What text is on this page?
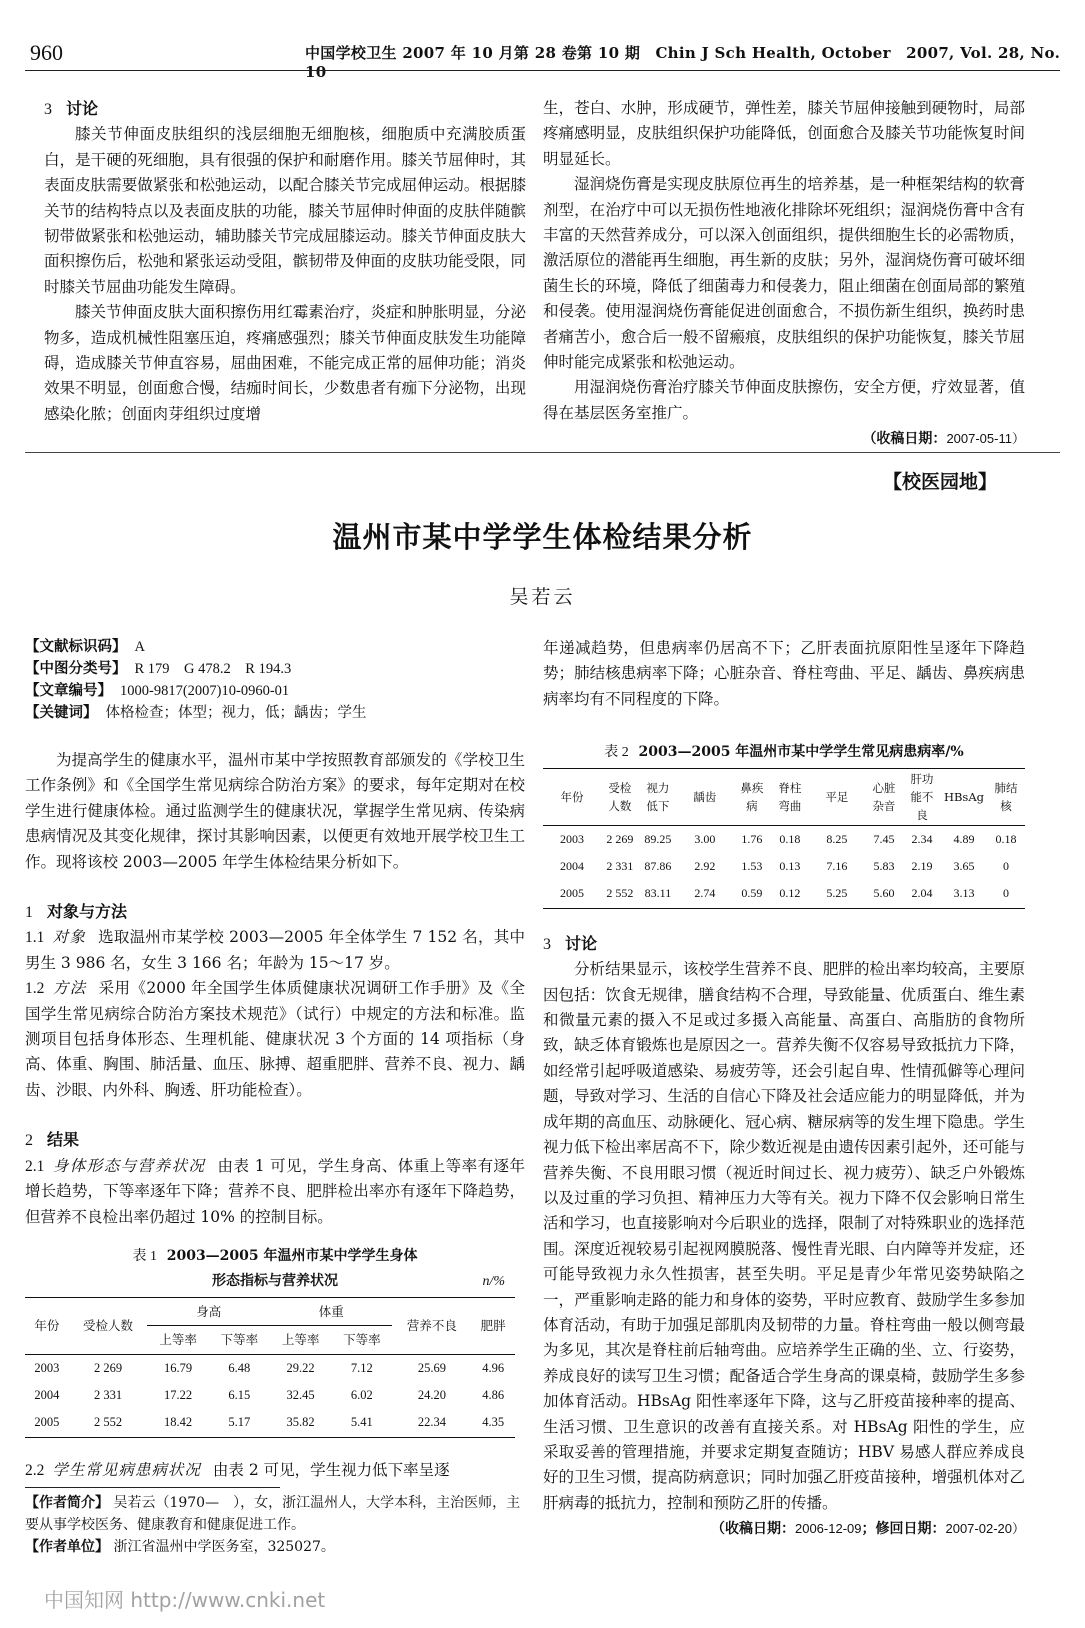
960	中国学校卫生 2007 年 10 月第 28 卷第 10 期　Chin J Sch Health, October　2007, Vol. 28, No. 10
3 讨论

膝关节伸面皮肤组织的浅层细胞无细胞核，细胞质中充满胶质蛋白，是干硬的死细胞，具有很强的保护和耐磨作用。膝关节屈伸时，其表面皮肤需要做紧张和松弛运动，以配合膝关节完成屈伸运动。根据膝关节的结构特点以及表面皮肤的功能，膝关节屈伸时伸面的皮肤伴随髌韧带做紧张和松弛运动，辅助膝关节完成屈膝运动。膝关节伸面皮肤大面积擦伤后，松弛和紧张运动受阻，髌韧带及伸面的皮肤功能受限，同时膝关节屈曲功能发生障碍。

膝关节伸面皮肤大面积擦伤用红霉素治疗，炎症和肿胀明显，分泌物多，造成机械性阻塞压迫，疼痛感强烈；膝关节伸面皮肤发生功能障碍，造成膝关节伸直容易，屈曲困难，不能完成正常的屈伸功能；消炎效果不明显，创面愈合慢，结痂时间长，少数患者有痂下分泌物，出现感染化脓；创面肉芽组织过度增

生，苍白、水肿，形成硬节，弹性差，膝关节屈伸接触到硬物时，局部疼痛感明显，皮肤组织保护功能降低，创面愈合及膝关节功能恢复时间明显延长。

湿润烧伤膏是实现皮肤原位再生的培养基，是一种框架结构的软膏剂型，在治疗中可以无损伤性地液化排除坏死组织；湿润烧伤膏中含有丰富的天然营养成分，可以深入创面组织，提供细胞生长的必需物质，激活原位的潜能再生细胞，再生新的皮肤；另外，湿润烧伤膏可破坏细菌生长的环境，降低了细菌毒力和侵袭力，阻止细菌在创面局部的繁殖和侵袭。使用湿润烧伤膏能促进创面愈合，不损伤新生组织，换药时患者痛苦小，愈合后一般不留瘢痕，皮肤组织的保护功能恢复，膝关节屈伸时能完成紧张和松弛运动。

用湿润烧伤膏治疗膝关节伸面皮肤擦伤，安全方便，疗效显著，值得在基层医务室推广。

（收稿日期：2007-05-11）
【校医园地】
温州市某中学学生体检结果分析
吴若云
【文献标识码】 A
【中图分类号】 R 179　G 478.2　R 194.3
【文章编号】 1000-9817(2007)10-0960-01
【关键词】 体格检查；体型；视力，低；龋齿；学生

为提高学生的健康水平，温州市某中学按照教育部颁发的《学校卫生工作条例》和《全国学生常见病综合防治方案》的要求，每年定期对在校学生进行健康体检。通过监测学生的健康状况，掌握学生常见病、传染病患病情况及其变化规律，探讨其影响因素，以便更有效地开展学校卫生工作。现将该校 2003—2005 年学生体检结果分析如下。

1 对象与方法

1.1 对象 选取温州市某学校 2003—2005 年全体学生 7 152 名，其中男生 3 986 名，女生 3 166 名；年龄为 15～17 岁。

1.2 方法 采用《2000 年全国学生体质健康状况调研工作手册》及《全国学生常见病综合防治方案技术规范》（试行）中规定的方法和标准。监测项目包括身体形态、生理机能、健康状况 3 个方面的 14 项指标（身高、体重、胸围、肺活量、血压、脉搏、超重肥胖、营养不良、视力、龋齿、沙眼、内外科、胸透、肝功能检查）。

2 结果

2.1 身体形态与营养状况 由表 1 可见，学生身高、体重上等率有逐年增长趋势，下等率逐年下降；营养不良、肥胖检出率亦有逐年下降趋势，但营养不良检出率仍超过 10% 的控制目标。

表 1 2003—2005 年温州市某中学学生身体
形态指标与营养状况	n/%
年份	受检人数	身高		体重		营养不良	肥胖
		上等率	下等率	上等率	下等率		
2003	2 269	16.79	6.48	29.22	7.12	25.69	4.96
2004	2 331	17.22	6.15	32.45	6.02	24.20	4.86
2005	2 552	18.42	5.17	35.82	5.41	22.34	4.35

2.2 学生常见病患病状况 由表 2 可见，学生视力低下率呈逐

年递减趋势，但患病率仍居高不下；乙肝表面抗原阳性呈逐年下降趋势；肺结核患病率下降；心脏杂音、脊柱弯曲、平足、龋齿、鼻疾病患病率均有不同程度的下降。

表 2 2003—2005 年温州市某中学学生常见病患病率/%
年份	受检人数	视力低下	龋齿	鼻疾病	脊柱弯曲	平足	心脏杂音	肝功能不良	HBsAg	肺结核
2003	2 269	89.25	3.00	1.76	0.18	8.25	7.45	2.34	4.89	0.18
2004	2 331	87.86	2.92	1.53	0.13	7.16	5.83	2.19	3.65	0
2005	2 552	83.11	2.74	0.59	0.12	5.25	5.60	2.04	3.13	0
3 讨论

分析结果显示，该校学生营养不良、肥胖的检出率均较高，主要原因包括：饮食无规律，膳食结构不合理，导致能量、优质蛋白、维生素和微量元素的摄入不足或过多摄入高能量、高蛋白、高脂肪的食物所致，缺乏体育锻炼也是原因之一。营养失衡不仅容易导致抵抗力下降，如经常引起呼吸道感染、易疲劳等，还会引起自卑、性情孤僻等心理问题，导致对学习、生活的自信心下降及社会适应能力的明显降低，并为成年期的高血压、动脉硬化、冠心病、糖尿病等的发生埋下隐患。学生视力低下检出率居高不下，除少数近视是由遗传因素引起外，还可能与营养失衡、不良用眼习惯（视近时间过长、视力疲劳）、缺乏户外锻炼以及过重的学习负担、精神压力大等有关。视力下降不仅会影响日常生活和学习，也直接影响对今后职业的选择，限制了对特殊职业的选择范围。深度近视较易引起视网膜脱落、慢性青光眼、白内障等并发症，还可能导致视力永久性损害，甚至失明。平足是青少年常见姿势缺陷之一，严重影响走路的能力和身体的姿势，平时应教育、鼓励学生多参加体育活动，有助于加强足部肌肉及韧带的力量。脊柱弯曲一般以侧弯最为多见，其次是脊柱前后轴弯曲。应培养学生正确的坐、立、行姿势，养成良好的读写卫生习惯；配备适合学生身高的课桌椅，鼓励学生多参加体育活动。HBsAg 阳性率逐年下降，这与乙肝疫苗接种率的提高、生活习惯、卫生意识的改善有直接关系。对 HBsAg 阳性的学生，应采取妥善的管理措施，并要求定期复查随访；HBV 易感人群应养成良好的卫生习惯，提高防病意识；同时加强乙肝疫苗接种，增强机体对乙肝病毒的抵抗力，控制和预防乙肝的传播。

（收稿日期：2006-12-09；修回日期：2007-02-20）
【作者简介】 吴若云（1970—　），女，浙江温州人，大学本科，主治医师，主要从事学校医务、健康教育和健康促进工作。
【作者单位】 浙江省温州中学医务室，325027。
中国知网 http://www.cnki.net
